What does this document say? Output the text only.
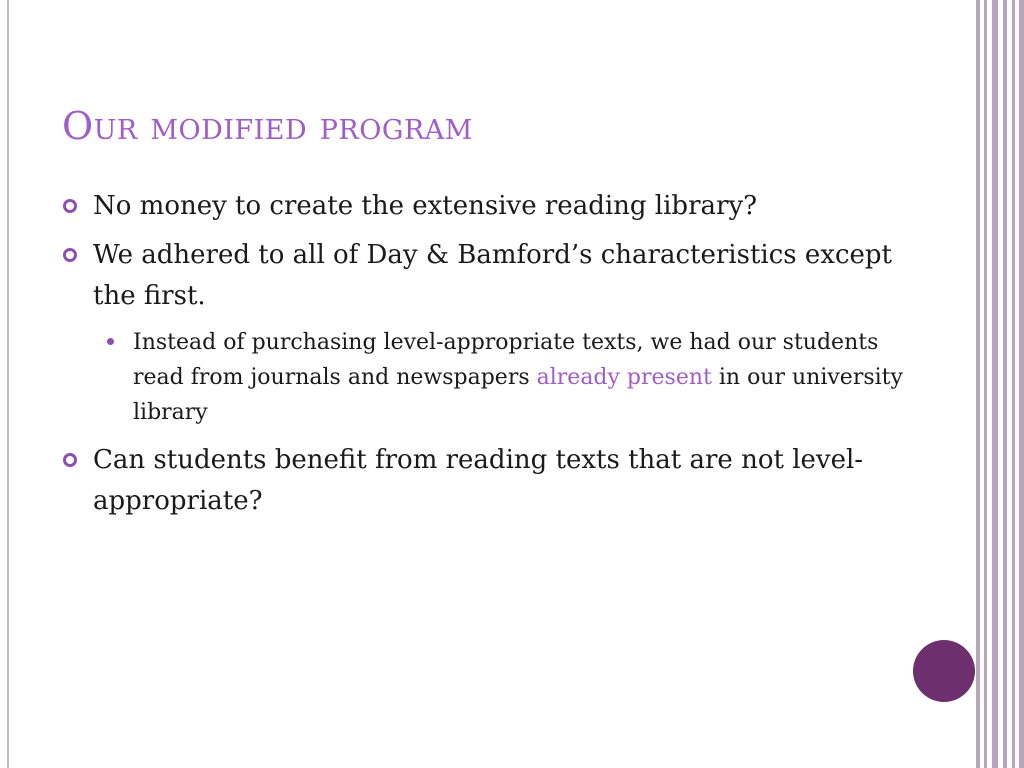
Our modified program
No money to create the extensive reading library?
We adhered to all of Day & Bamford’s characteristics except the first.
Instead of purchasing level-appropriate texts, we had our students read from journals and newspapers already present in our university library
Can students benefit from reading texts that are not level-appropriate?
